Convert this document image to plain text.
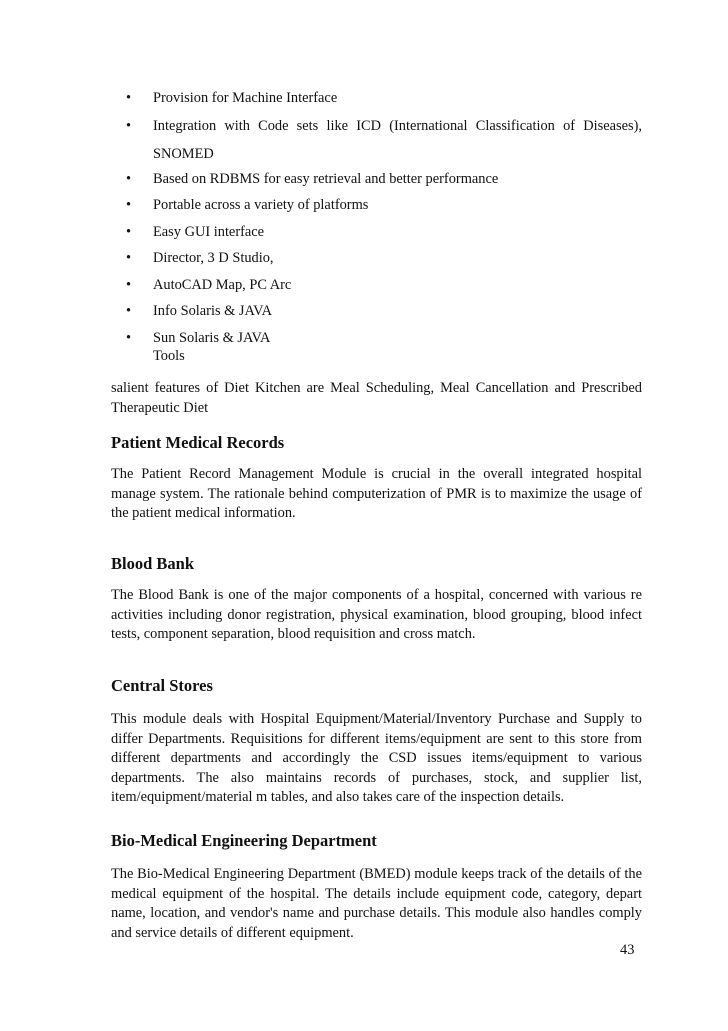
• Provision for Machine Interface
• Integration with Code sets like ICD (International Classification of Diseases), SNOMED
• Based on RDBMS for easy retrieval and better performance
• Portable across a variety of platforms
• Easy GUI interface
• Director, 3 D Studio,
• AutoCAD Map, PC Arc
• Info Solaris & JAVA
• Sun Solaris & JAVA
Tools

salient features of Diet Kitchen are Meal Scheduling, Meal Cancellation and Prescribed Therapeutic Diet

Patient Medical Records

The Patient Record Management Module is crucial in the overall integrated hospital manage system. The rationale behind computerization of PMR is to maximize the usage of the patient medical information.

Blood Bank

The Blood Bank is one of the major components of a hospital, concerned with various re activities including donor registration, physical examination, blood grouping, blood infect tests, component separation, blood requisition and cross match.

Central Stores

This module deals with Hospital Equipment/Material/Inventory Purchase and Supply to differ Departments. Requisitions for different items/equipment are sent to this store from different departments and accordingly the CSD issues items/equipment to various departments. The also maintains records of purchases, stock, and supplier list, item/equipment/material m tables, and also takes care of the inspection details.

Bio-Medical Engineering Department

The Bio-Medical Engineering Department (BMED) module keeps track of the details of the medical equipment of the hospital. The details include equipment code, category, depart name, location, and vendor's name and purchase details. This module also handles comply and service details of different equipment.

43
